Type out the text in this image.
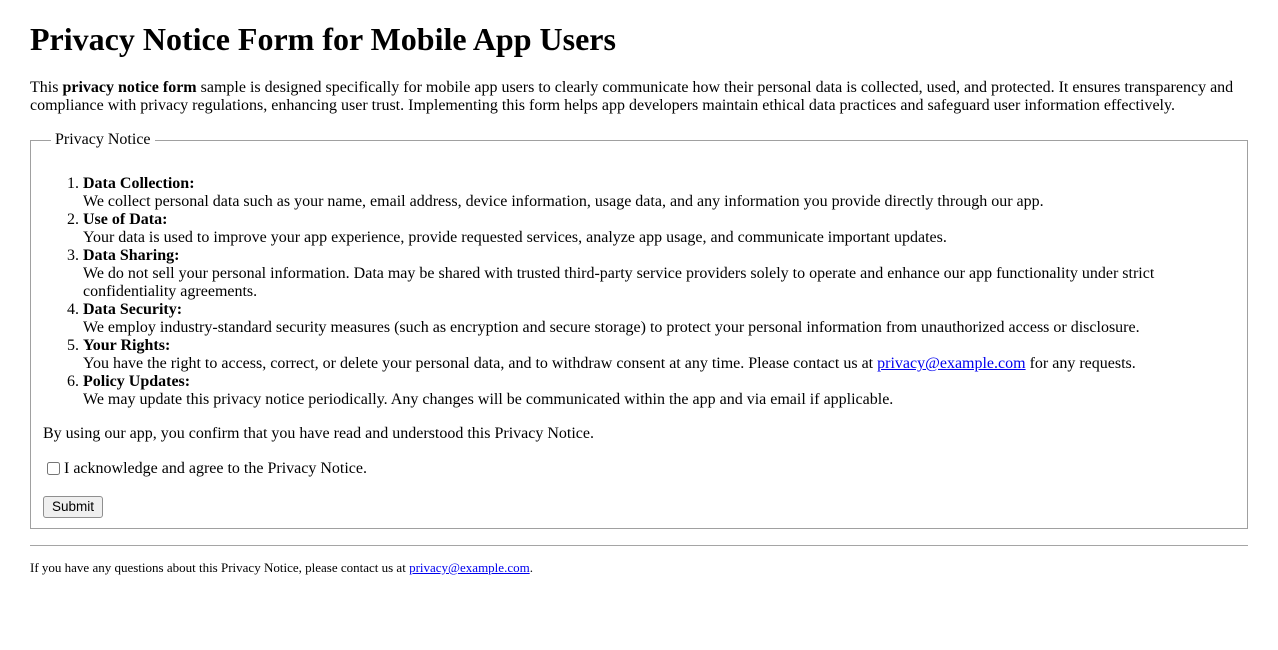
Privacy Notice Form for Mobile App Users

This privacy notice form sample is designed specifically for mobile app users to clearly communicate how their personal data is collected, used, and protected. It ensures transparency and compliance with privacy regulations, enhancing user trust. Implementing this form helps app developers maintain ethical data practices and safeguard user information effectively.

Privacy Notice
1. Data Collection:
We collect personal data such as your name, email address, device information, usage data, and any information you provide directly through our app.
2. Use of Data:
Your data is used to improve your app experience, provide requested services, analyze app usage, and communicate important updates.
3. Data Sharing:
We do not sell your personal information. Data may be shared with trusted third-party service providers solely to operate and enhance our app functionality under strict confidentiality agreements.
4. Data Security:
We employ industry-standard security measures (such as encryption and secure storage) to protect your personal information from unauthorized access or disclosure.
5. Your Rights:
You have the right to access, correct, or delete your personal data, and to withdraw consent at any time. Please contact us at privacy@example.com for any requests.
6. Policy Updates:
We may update this privacy notice periodically. Any changes will be communicated within the app and via email if applicable.

By using our app, you confirm that you have read and understood this Privacy Notice.

I acknowledge and agree to the Privacy Notice.

Submit

If you have any questions about this Privacy Notice, please contact us at privacy@example.com.
